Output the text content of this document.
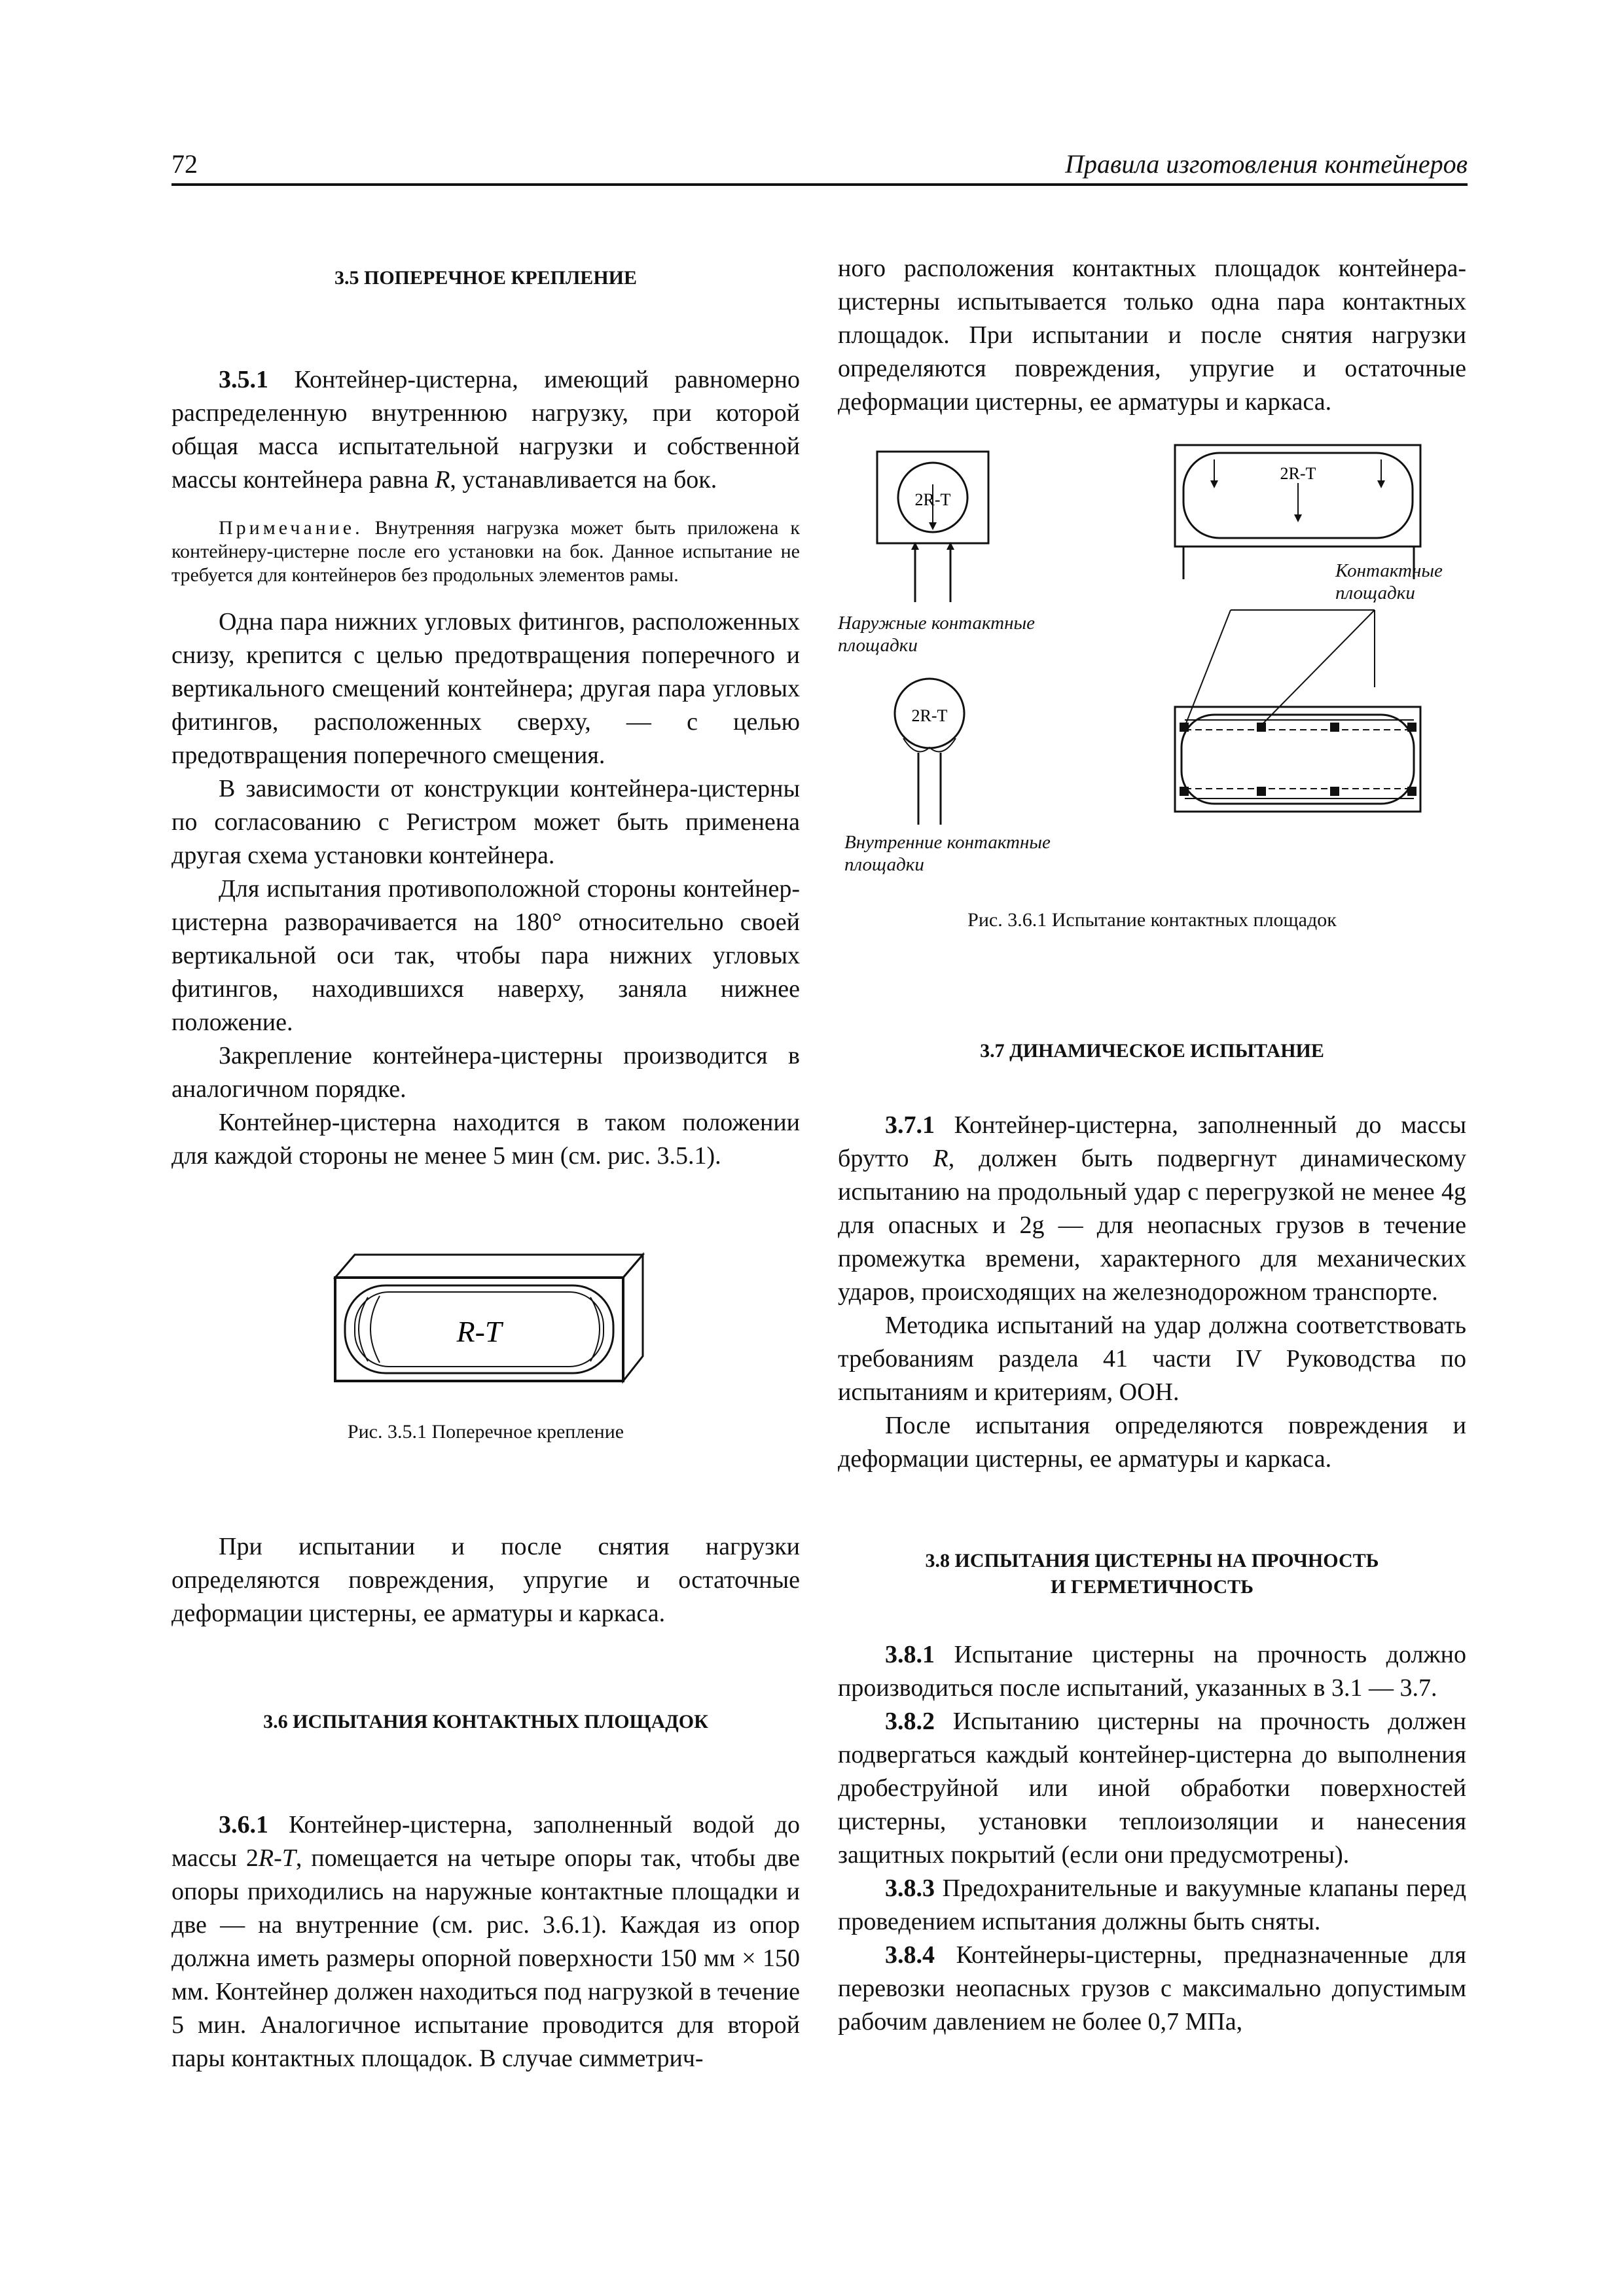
72	Правила изготовления контейнеров
3.5 ПОПЕРЕЧНОЕ КРЕПЛЕНИЕ

3.5.1 Контейнер-цистерна, имеющий равномерно распределенную внутреннюю нагрузку, при которой общая масса испытательной нагрузки и собственной массы контейнера равна R, устанавливается на бок.

Примечание. Внутренняя нагрузка может быть приложена к контейнеру-цистерне после его установки на бок. Данное испытание не требуется для контейнеров без продольных элементов рамы.

Одна пара нижних угловых фитингов, расположенных снизу, крепится с целью предотвращения поперечного и вертикального смещений контейнера; другая пара угловых фитингов, расположенных сверху, — с целью предотвращения поперечного смещения.

В зависимости от конструкции контейнера-цистерны по согласованию с Регистром может быть применена другая схема установки контейнера.

Для испытания противоположной стороны контейнер-цистерна разворачивается на 180° относительно своей вертикальной оси так, чтобы пара нижних угловых фитингов, находившихся наверху, заняла нижнее положение.

Закрепление контейнера-цистерны производится в аналогичном порядке.

Контейнер-цистерна находится в таком положении для каждой стороны не менее 5 мин (см. рис. 3.5.1).

R-T
Рис. 3.5.1 Поперечное крепление

При испытании и после снятия нагрузки определяются повреждения, упругие и остаточные деформации цистерны, ее арматуры и каркаса.

3.6 ИСПЫТАНИЯ КОНТАКТНЫХ ПЛОЩАДОК

3.6.1 Контейнер-цистерна, заполненный водой до массы 2R-T, помещается на четыре опоры так, чтобы две опоры приходились на наружные контактные площадки и две — на внутренние (см. рис. 3.6.1). Каждая из опор должна иметь размеры опорной поверхности 150 мм × 150 мм. Контейнер должен находиться под нагрузкой в течение 5 мин. Аналогичное испытание проводится для второй пары контактных площадок. В случае симметрич-

ного расположения контактных площадок контейнера-цистерны испытывается только одна пара контактных площадок. При испытании и после снятия нагрузки определяются повреждения, упругие и остаточные деформации цистерны, ее арматуры и каркаса.

2R-T
2R-T
2R-T
Наружные контактные площадки
Внутренние контактные площадки
Контактные площадки
Рис. 3.6.1 Испытание контактных площадок
3.7 ДИНАМИЧЕСКОЕ ИСПЫТАНИЕ

3.7.1 Контейнер-цистерна, заполненный до массы брутто R, должен быть подвергнут динамическому испытанию на продольный удар с перегрузкой не менее 4g для опасных и 2g — для неопасных грузов в течение промежутка времени, характерного для механических ударов, происходящих на железнодорожном транспорте.

Методика испытаний на удар должна соответствовать требованиям раздела 41 части IV Руководства по испытаниям и критериям, ООН.

После испытания определяются повреждения и деформации цистерны, ее арматуры и каркаса.

3.8 ИСПЫТАНИЯ ЦИСТЕРНЫ НА ПРОЧНОСТЬ
И ГЕРМЕТИЧНОСТЬ

3.8.1 Испытание цистерны на прочность должно производиться после испытаний, указанных в 3.1 — 3.7.

3.8.2 Испытанию цистерны на прочность должен подвергаться каждый контейнер-цистерна до выполнения дробеструйной или иной обработки поверхностей цистерны, установки теплоизоляции и нанесения защитных покрытий (если они предусмотрены).

3.8.3 Предохранительные и вакуумные клапаны перед проведением испытания должны быть сняты.

3.8.4 Контейнеры-цистерны, предназначенные для перевозки неопасных грузов с максимально допустимым рабочим давлением не более 0,7 МПа,
